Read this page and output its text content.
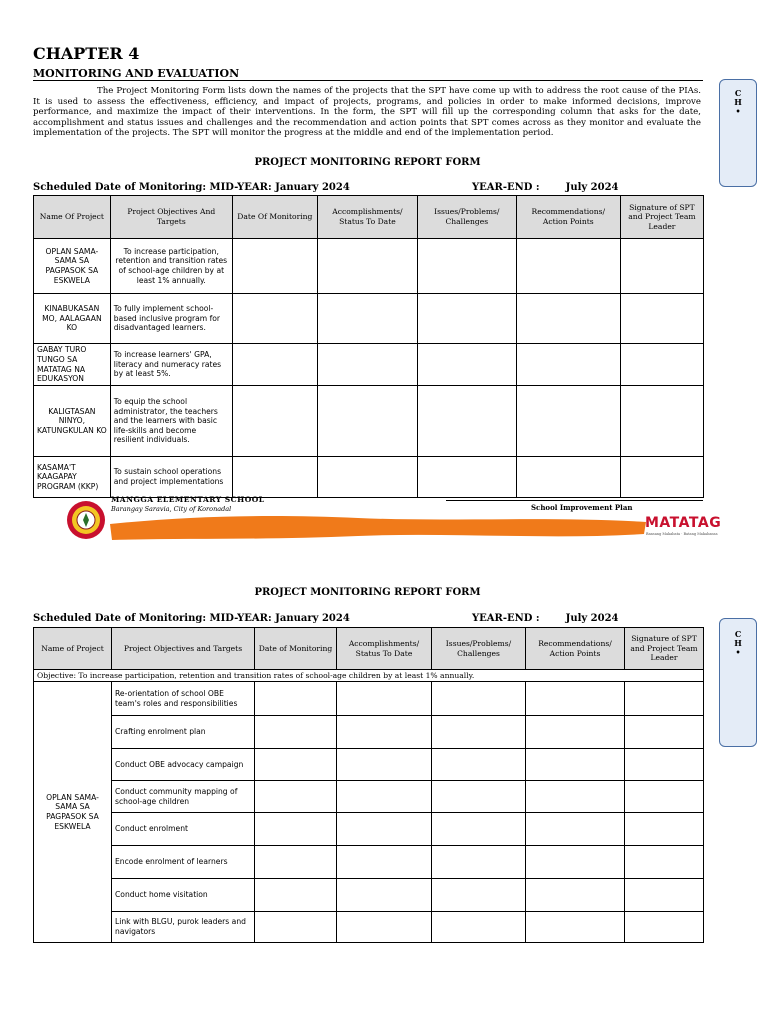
CHAPTER 4
MONITORING AND EVALUATION
The Project Monitoring Form lists down the names of the projects that the SPT have come up with to address the root cause of the PIAs. It is used to assess the effectiveness, efficiency, and impact of projects, programs, and policies in order to make informed decisions, improve performance, and maximize the impact of their interventions. In the form, the SPT will fill up the corresponding column that asks for the date, accomplishment and status issues and challenges and the recommendation and action points that SPT comes across as they monitor and evaluate the implementation of the projects. The SPT will monitor the progress at the middle and end of the implementation period.
PROJECT MONITORING REPORT FORM
Scheduled Date of Monitoring: MID-YEAR: January 2024	YEAR-END :	July 2024
C
H
•
Name Of Project	Project Objectives And Targets	Date Of Monitoring	Accomplishments/ Status To Date	Issues/Problems/ Challenges	Recommendations/ Action Points	Signature of SPT and Project Team Leader
OPLAN SAMA-SAMA SA PAGPASOK SA ESKWELA	To increase participation, retention and transition rates of school-age children by at least 1% annually.					
KINABUKASAN MO, AALAGAAN KO	To fully implement school-based inclusive program for disadvantaged learners.					
GABAY TURO TUNGO SA MATATAG NA EDUKASYON	To increase learners' GPA, literacy and numeracy rates by at least 5%.					
KALIGTASAN NINYO, KATUNGKULAN KO	To equip the school administrator, the teachers and the learners with basic life-skills and become resilient individuals.					
KASAMA'T KAAGAPAY PROGRAM (KKP)	To sustain school operations and project implementations					
MANGGA ELEMENTARY SCHOOL
Barangay Saravia, City of Koronadal	School Improvement Plan
MATATAG
Bansang Makabata · Batang Makabansa
PROJECT MONITORING REPORT FORM
Scheduled Date of Monitoring: MID-YEAR: January 2024	YEAR-END :	July 2024
C
H
•
Name of Project	Project Objectives and Targets	Date of Monitoring	Accomplishments/ Status To Date	Issues/Problems/ Challenges	Recommendations/ Action Points	Signature of SPT and Project Team Leader
Objective: To increase participation, retention and transition rates of school-age children by at least 1% annually.						
OPLAN SAMA-SAMA SA PAGPASOK SA ESKWELA	Re-orientation of school OBE team's roles and responsibilities					
	Crafting enrolment plan					
	Conduct OBE advocacy campaign					
	Conduct community mapping of school-age children					
	Conduct enrolment					
	Encode enrolment of learners					
	Conduct home visitation					
	Link with BLGU, purok leaders and navigators					
